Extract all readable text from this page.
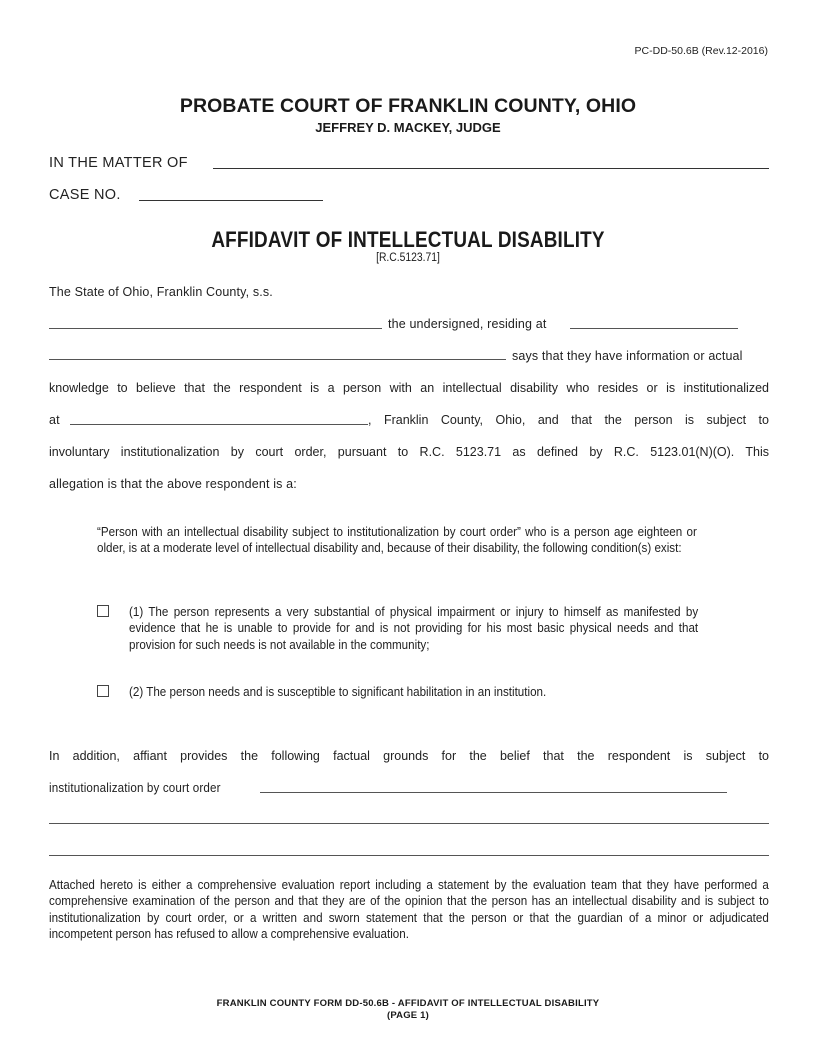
PC-DD-50.6B (Rev.12-2016)
PROBATE COURT OF FRANKLIN COUNTY, OHIO
JEFFREY D. MACKEY, JUDGE
IN THE MATTER OF
CASE NO.
AFFIDAVIT OF INTELLECTUAL DISABILITY
[R.C.5123.71]
The State of Ohio, Franklin County, s.s.
the undersigned, residing at
says that they have information or actual
knowledge to believe that the respondent is a person with an intellectual disability who resides or is institutionalized
at	, Franklin County, Ohio, and that the person is subject to
involuntary institutionalization by court order, pursuant to R.C. 5123.71 as defined by R.C. 5123.01(N)(O). This
allegation is that the above respondent is a:
“Person with an intellectual disability subject to institutionalization by court order” who is a person age eighteen or older, is at a moderate level of intellectual disability and, because of their disability, the following condition(s) exist:
(1) The person represents a very substantial of physical impairment or injury to himself as manifested by evidence that he is unable to provide for and is not providing for his most basic physical needs and that provision for such needs is not available in the community;
(2) The person needs and is susceptible to significant habilitation in an institution.
In addition, affiant provides the following factual grounds for the belief that the respondent is subject to
institutionalization by court order
Attached hereto is either a comprehensive evaluation report including a statement by the evaluation team that they have performed a comprehensive examination of the person and that they are of the opinion that the person has an intellectual disability and is subject to institutionalization by court order, or a written and sworn statement that the person or that the guardian of a minor or adjudicated incompetent person has refused to allow a comprehensive evaluation.
FRANKLIN COUNTY FORM DD-50.6B - AFFIDAVIT OF INTELLECTUAL DISABILITY
(PAGE 1)
